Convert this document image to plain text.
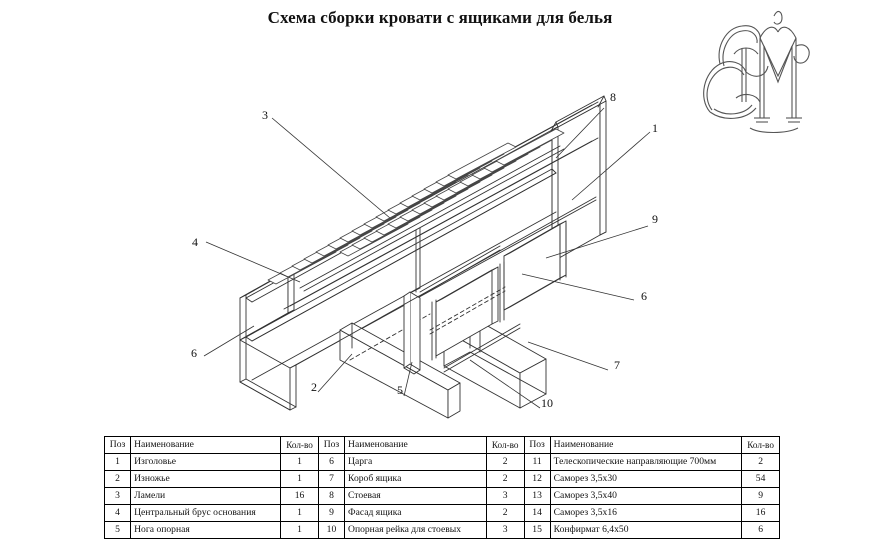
Схема сборки кровати с ящиками для белья
3
8
1
9
4
6
6
7
2	5
10
Поз	Наименование	Кол-во	Поз	Наименование	Кол-во	Поз	Наименование	Кол-во
1	Изголовье	1	6	Царга	2	11	Телескопические направляющие 700мм	2
2	Изножье	1	7	Короб ящика	2	12	Саморез 3,5х30	54
3	Ламели	16	8	Стоевая	3	13	Саморез 3,5х40	9
4	Центральный брус основания	1	9	Фасад ящика	2	14	Саморез 3,5х16	16
5	Нога опорная	1	10	Опорная рейка для стоевых	3	15	Конфирмат 6,4х50	6
